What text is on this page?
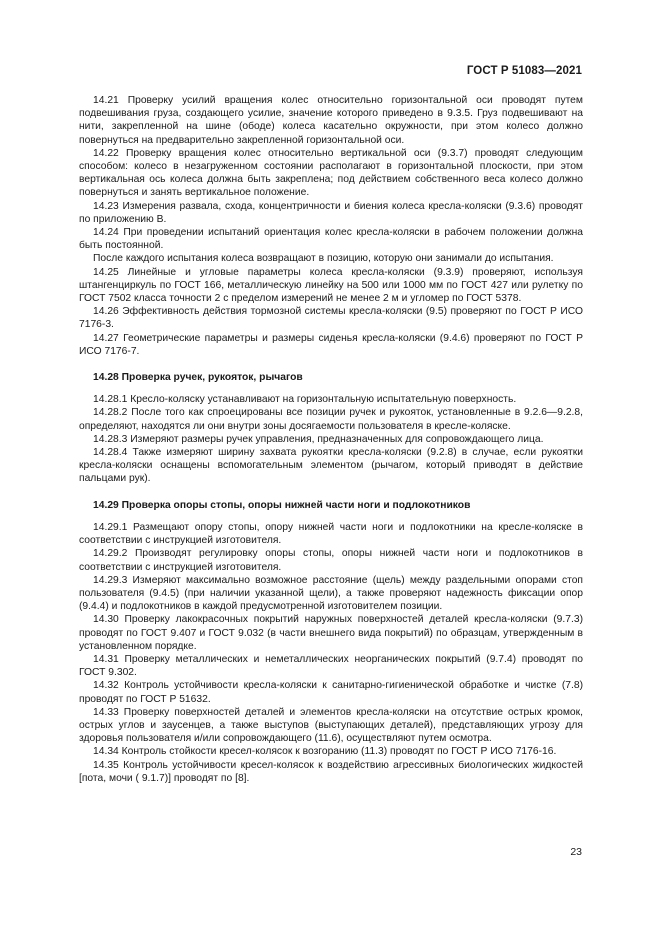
ГОСТ Р 51083—2021

14.21 Проверку усилий вращения колес относительно горизонтальной оси проводят путем подвешивания груза, создающего усилие, значение которого приведено в 9.3.5. Груз подвешивают на нити, закрепленной на шине (ободе) колеса касательно окружности, при этом колесо должно повернуться на предварительно закрепленной горизонтальной оси.

14.22 Проверку вращения колес относительно вертикальной оси (9.3.7) проводят следующим способом: колесо в незагруженном состоянии располагают в горизонтальной плоскости, при этом вертикальная ось колеса должна быть закреплена; под действием собственного веса колесо должно повернуться и занять вертикальное положение.

14.23 Измерения развала, схода, концентричности и биения колеса кресла-коляски (9.3.6) проводят по приложению В.

14.24 При проведении испытаний ориентация колес кресла-коляски в рабочем положении должна быть постоянной.

После каждого испытания колеса возвращают в позицию, которую они занимали до испытания.

14.25 Линейные и угловые параметры колеса кресла-коляски (9.3.9) проверяют, используя штангенциркуль по ГОСТ 166, металлическую линейку на 500 или 1000 мм по ГОСТ 427 или рулетку по ГОСТ 7502 класса точности 2 с пределом измерений не менее 2 м и угломер по ГОСТ 5378.

14.26 Эффективность действия тормозной системы кресла-коляски (9.5) проверяют по ГОСТ Р ИСО 7176-3.

14.27 Геометрические параметры и размеры сиденья кресла-коляски (9.4.6) проверяют по ГОСТ Р ИСО 7176-7.

14.28 Проверка ручек, рукояток, рычагов

14.28.1 Кресло-коляску устанавливают на горизонтальную испытательную поверхность.

14.28.2 После того как спроецированы все позиции ручек и рукояток, установленные в 9.2.6—9.2.8, определяют, находятся ли они внутри зоны досягаемости пользователя в кресле-коляске.

14.28.3 Измеряют размеры ручек управления, предназначенных для сопровождающего лица.

14.28.4 Также измеряют ширину захвата рукоятки кресла-коляски (9.2.8) в случае, если рукоятки кресла-коляски оснащены вспомогательным элементом (рычагом, который приводят в действие пальцами рук).

14.29 Проверка опоры стопы, опоры нижней части ноги и подлокотников

14.29.1 Размещают опору стопы, опору нижней части ноги и подлокотники на кресле-коляске в соответствии с инструкцией изготовителя.

14.29.2 Производят регулировку опоры стопы, опоры нижней части ноги и подлокотников в соответствии с инструкцией изготовителя.

14.29.3 Измеряют максимально возможное расстояние (щель) между раздельными опорами стоп пользователя (9.4.5) (при наличии указанной щели), а также проверяют надежность фиксации опор (9.4.4) и подлокотников в каждой предусмотренной изготовителем позиции.

14.30 Проверку лакокрасочных покрытий наружных поверхностей деталей кресла-коляски (9.7.3) проводят по ГОСТ 9.407 и ГОСТ 9.032 (в части внешнего вида покрытий) по образцам, утвержденным в установленном порядке.

14.31 Проверку металлических и неметаллических неорганических покрытий (9.7.4) проводят по ГОСТ 9.302.

14.32 Контроль устойчивости кресла-коляски к санитарно-гигиенической обработке и чистке (7.8) проводят по ГОСТ Р 51632.

14.33 Проверку поверхностей деталей и элементов кресла-коляски на отсутствие острых кромок, острых углов и заусенцев, а также выступов (выступающих деталей), представляющих угрозу для здоровья пользователя и/или сопровождающего (11.6), осуществляют путем осмотра.

14.34 Контроль стойкости кресел-колясок к возгоранию (11.3) проводят по ГОСТ Р ИСО 7176-16.

14.35 Контроль устойчивости кресел-колясок к воздействию агрессивных биологических жидкостей [пота, мочи ( 9.1.7)] проводят по [8].

23
